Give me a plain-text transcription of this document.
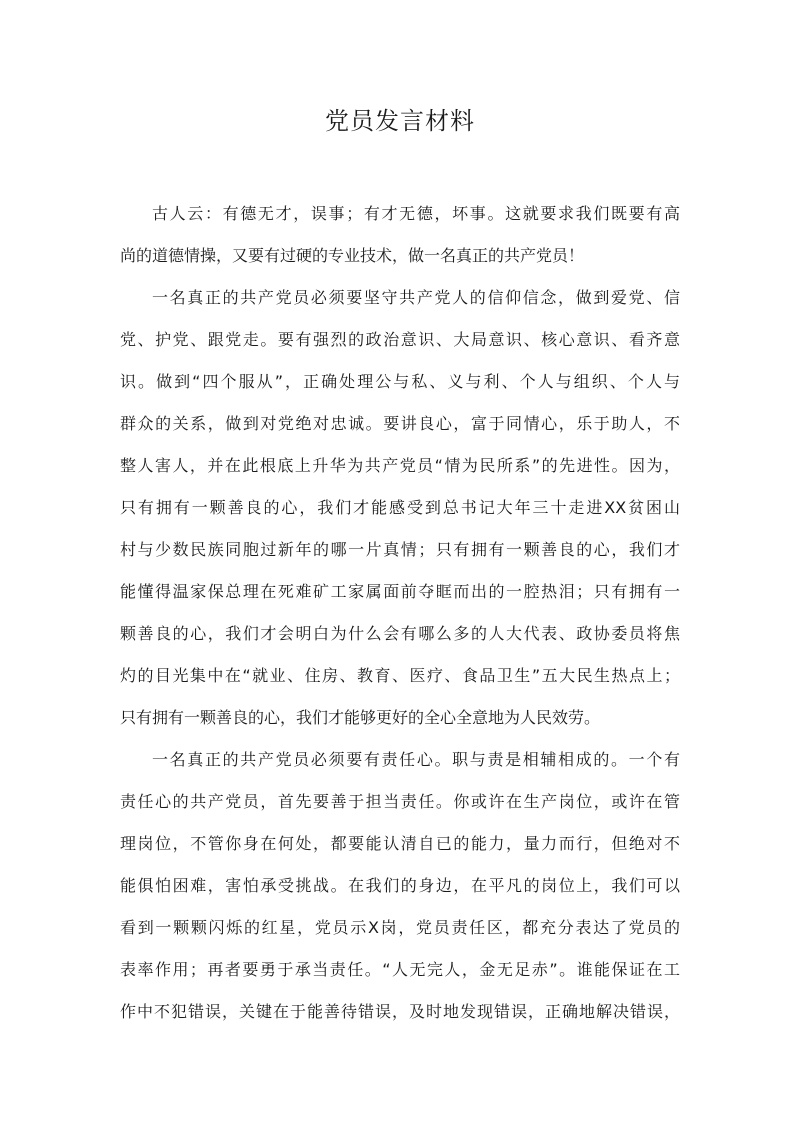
党员发言材料
古人云：有德无才，误事；有才无德，坏事。这就要求我们既要有高
尚的道德情操，又要有过硬的专业技术，做一名真正的共产党员！
一名真正的共产党员必须要坚守共产党人的信仰信念，做到爱党、信
党、护党、跟党走。要有强烈的政治意识、大局意识、核心意识、看齐意
识。做到“四个服从”，正确处理公与私、义与利、个人与组织、个人与
群众的关系，做到对党绝对忠诚。要讲良心，富于同情心，乐于助人，不
整人害人，并在此根底上升华为共产党员“情为民所系”的先进性。因为，
只有拥有一颗善良的心，我们才能感受到总书记大年三十走进XX贫困山
村与少数民族同胞过新年的哪一片真情；只有拥有一颗善良的心，我们才
能懂得温家保总理在死难矿工家属面前夺眶而出的一腔热泪；只有拥有一
颗善良的心，我们才会明白为什么会有哪么多的人大代表、政协委员将焦
灼的目光集中在“就业、住房、教育、医疗、食品卫生”五大民生热点上；
只有拥有一颗善良的心，我们才能够更好的全心全意地为人民效劳。
一名真正的共产党员必须要有责任心。职与责是相辅相成的。一个有
责任心的共产党员，首先要善于担当责任。你或许在生产岗位，或许在管
理岗位，不管你身在何处，都要能认清自已的能力，量力而行，但绝对不
能俱怕困难，害怕承受挑战。在我们的身边，在平凡的岗位上，我们可以
看到一颗颗闪烁的红星，党员示X岗，党员责任区，都充分表达了党员的
表率作用；再者要勇于承当责任。“人无完人，金无足赤”。谁能保证在工
作中不犯错误，关键在于能善待错误，及时地发现错误，正确地解决错误，
